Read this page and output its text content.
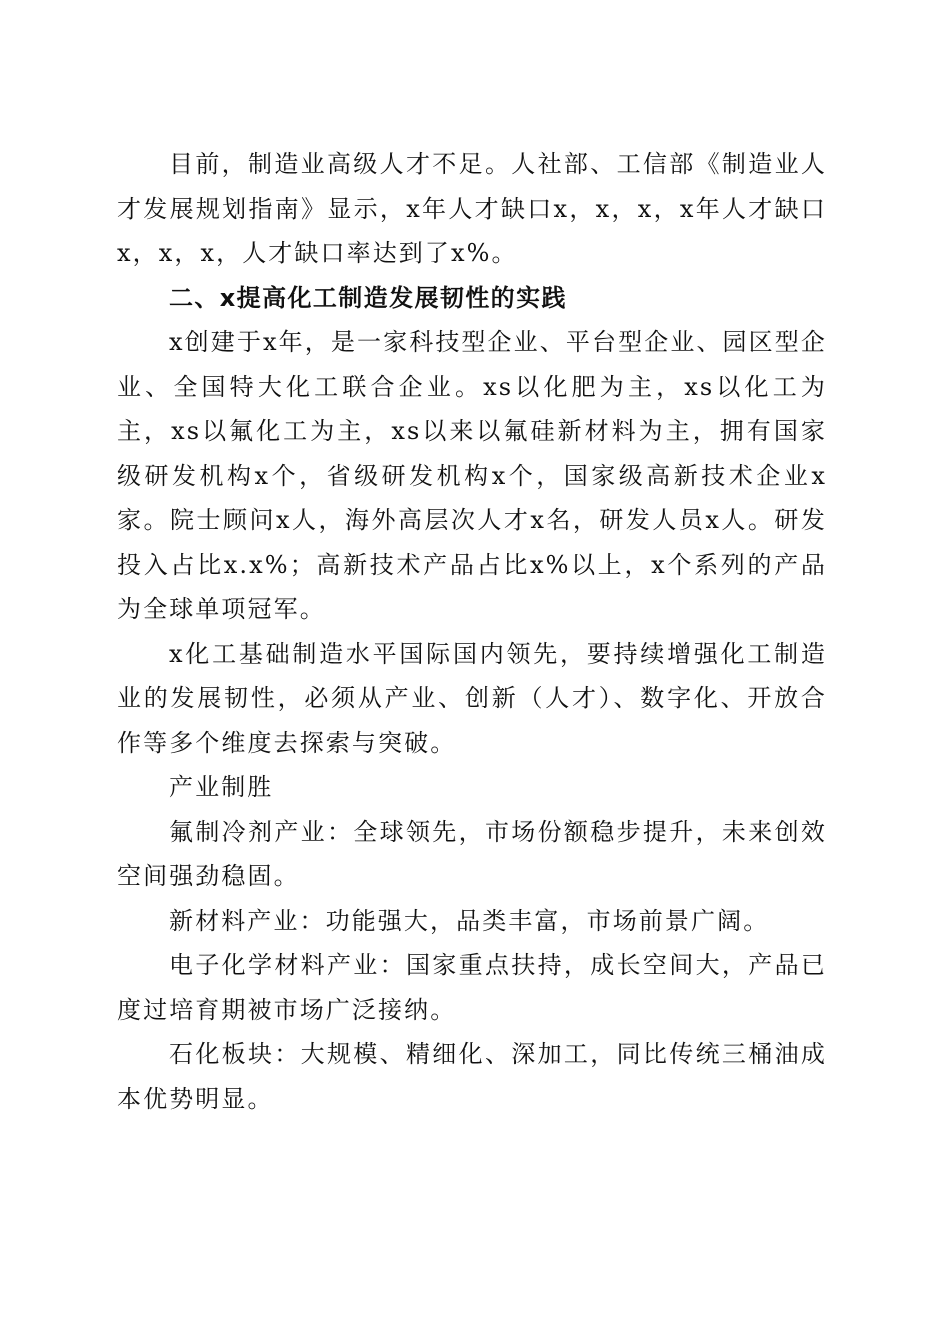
目前，制造业高级人才不足。人社部、工信部《制造业人才发展规划指南》显示，x年人才缺口x，x，x，x年人才缺口x，x，x，人才缺口率达到了x%。

二、x提高化工制造发展韧性的实践

x创建于x年，是一家科技型企业、平台型企业、园区型企业、全国特大化工联合企业。xs以化肥为主，xs以化工为主，xs以氟化工为主，xs以来以氟硅新材料为主，拥有国家级研发机构x个，省级研发机构x个，国家级高新技术企业x家。院士顾问x人，海外高层次人才x名，研发人员x人。研发投入占比x.x%；高新技术产品占比x%以上，x个系列的产品为全球单项冠军。

x化工基础制造水平国际国内领先，要持续增强化工制造业的发展韧性，必须从产业、创新（人才）、数字化、开放合作等多个维度去探索与突破。

产业制胜

氟制冷剂产业：全球领先，市场份额稳步提升，未来创效空间强劲稳固。

新材料产业：功能强大，品类丰富，市场前景广阔。

电子化学材料产业：国家重点扶持，成长空间大，产品已度过培育期被市场广泛接纳。

石化板块：大规模、精细化、深加工，同比传统三桶油成本优势明显。
